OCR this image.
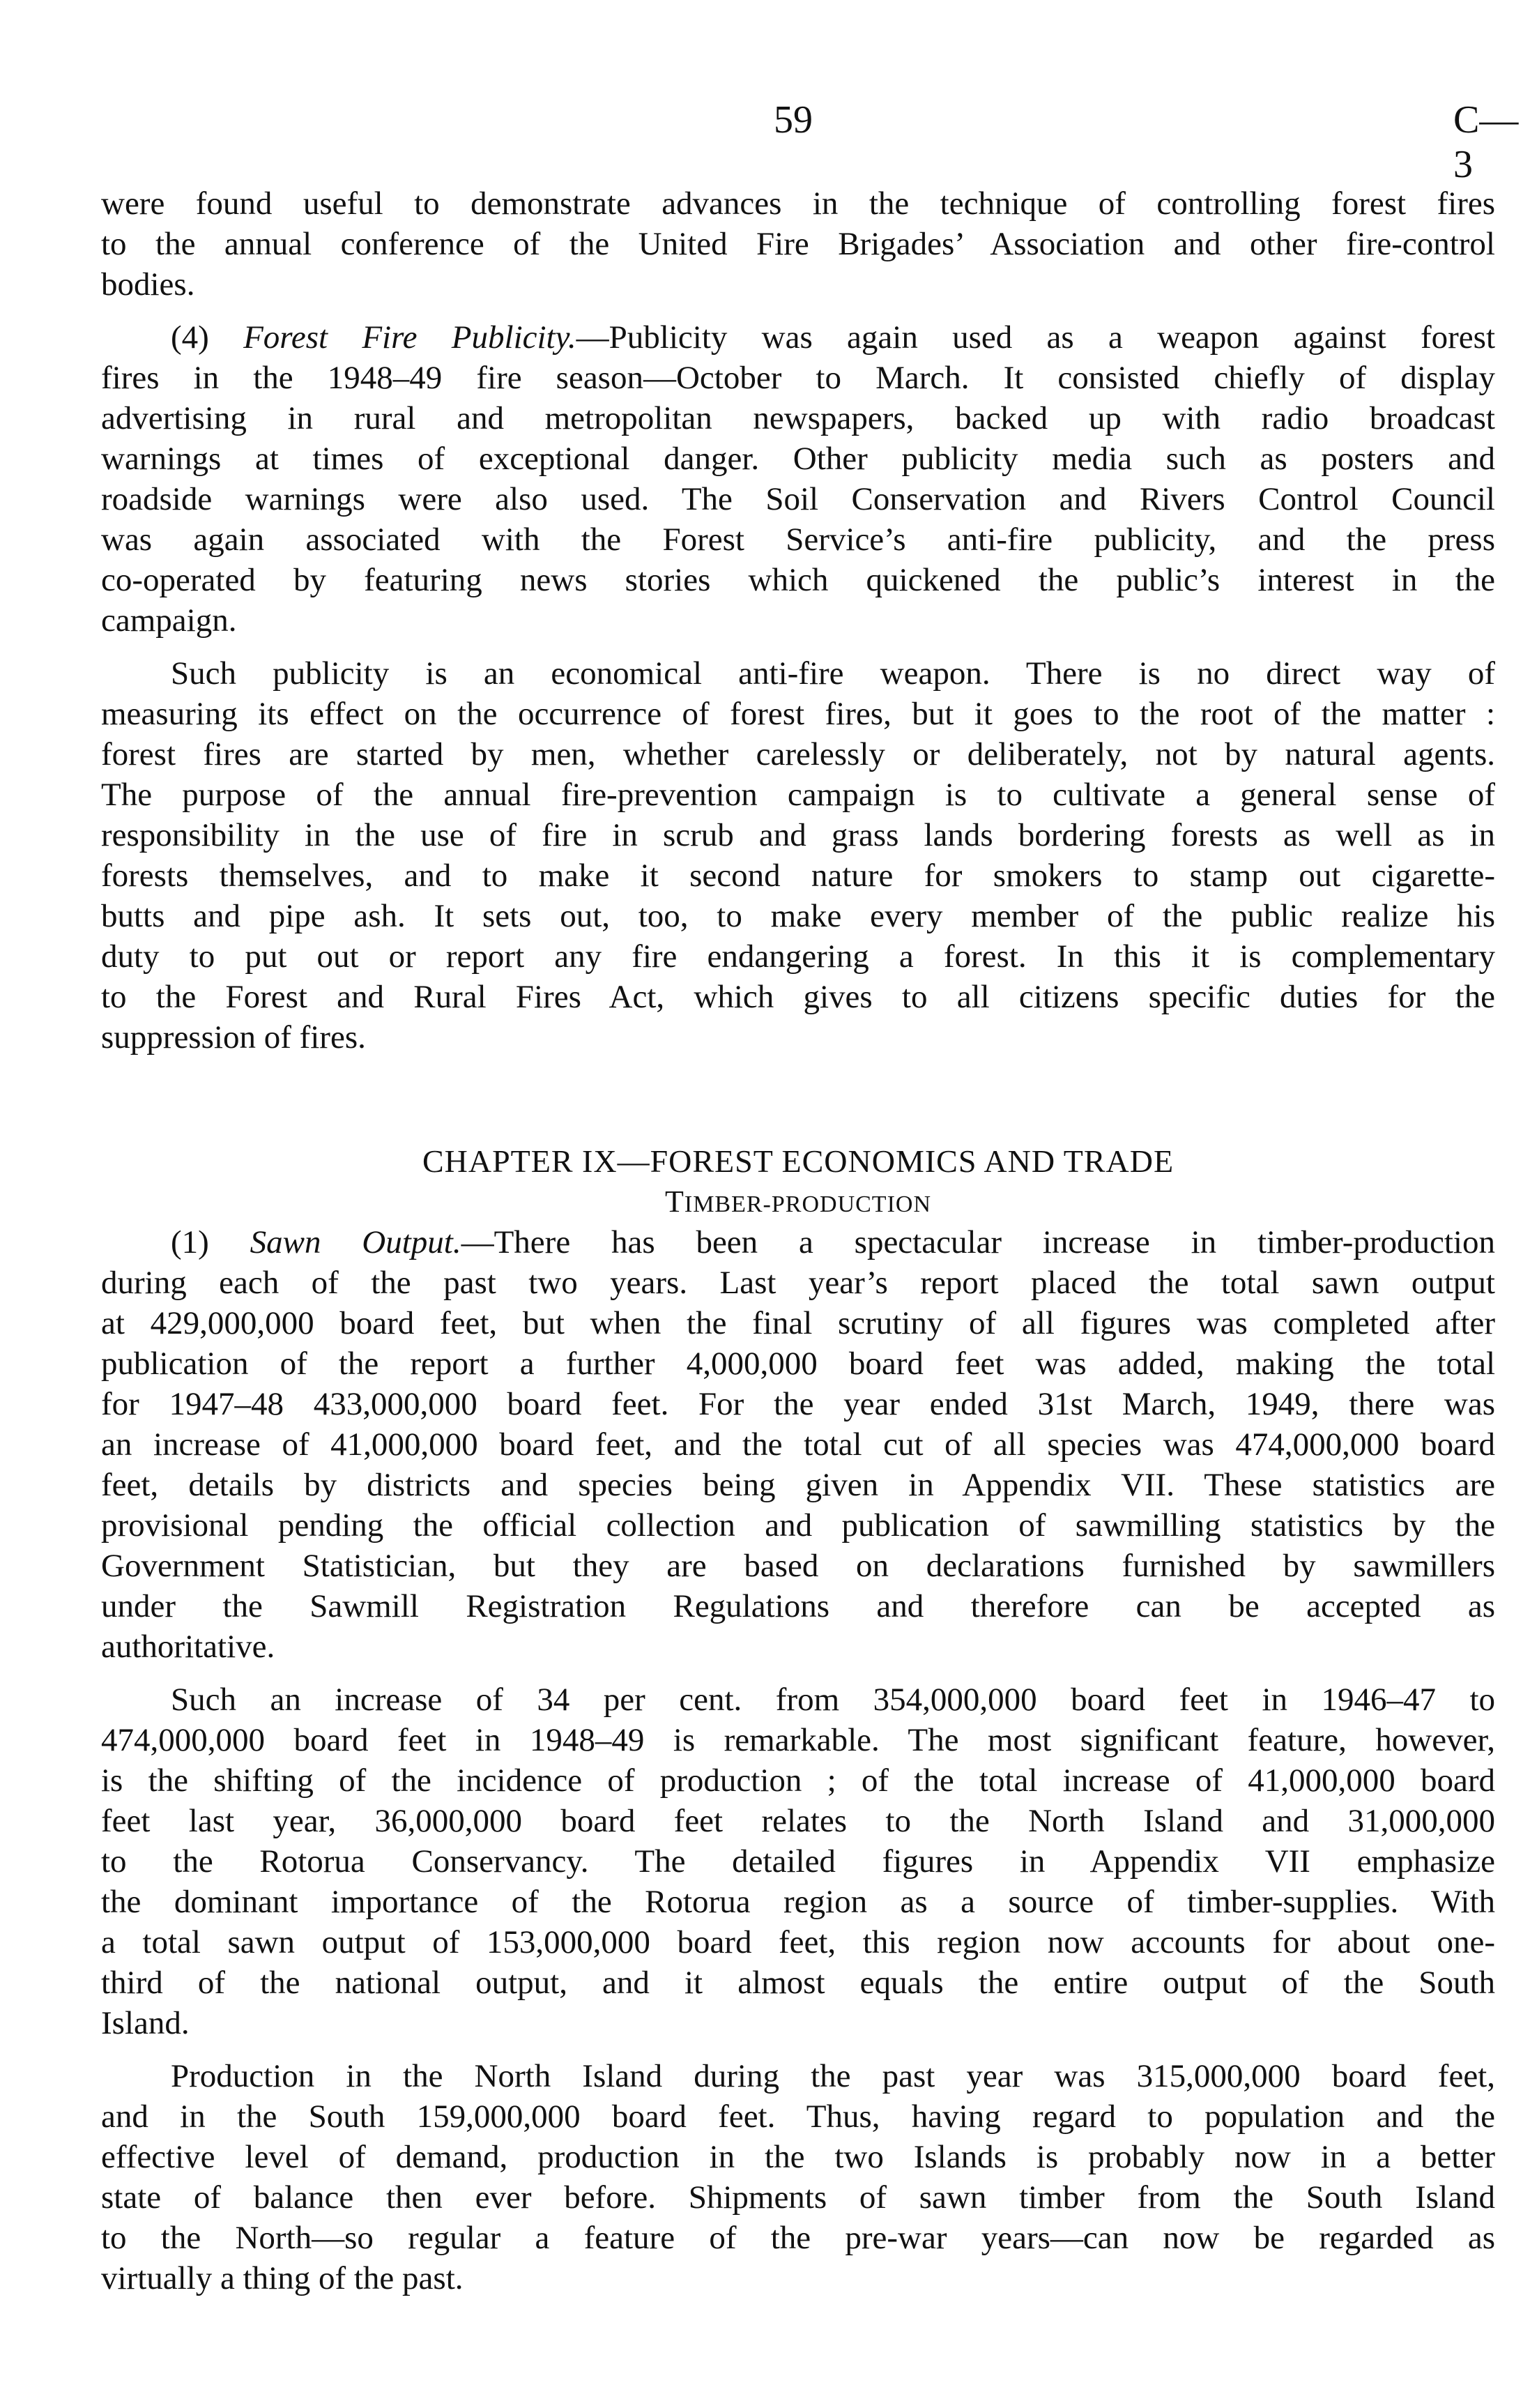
59	C—3
were found useful to demonstrate advances in the technique of controlling forest fires
to the annual conference of the United Fire Brigades’ Association and other fire-control
bodies.
(4) Forest Fire Publicity.—Publicity was again used as a weapon against forest
fires in the 1948–49 fire season—October to March. It consisted chiefly of display
advertising in rural and metropolitan newspapers, backed up with radio broadcast
warnings at times of exceptional danger. Other publicity media such as posters and
roadside warnings were also used. The Soil Conservation and Rivers Control Council
was again associated with the Forest Service’s anti-fire publicity, and the press
co-operated by featuring news stories which quickened the public’s interest in the
campaign.
Such publicity is an economical anti-fire weapon. There is no direct way of
measuring its effect on the occurrence of forest fires, but it goes to the root of the matter :
forest fires are started by men, whether carelessly or deliberately, not by natural agents.
The purpose of the annual fire-prevention campaign is to cultivate a general sense of
responsibility in the use of fire in scrub and grass lands bordering forests as well as in
forests themselves, and to make it second nature for smokers to stamp out cigarette-
butts and pipe ash. It sets out, too, to make every member of the public realize his
duty to put out or report any fire endangering a forest. In this it is complementary
to the Forest and Rural Fires Act, which gives to all citizens specific duties for the
suppression of fires.
CHAPTER IX—FOREST ECONOMICS AND TRADE
TIMBER-PRODUCTION
(1) Sawn Output.—There has been a spectacular increase in timber-production
during each of the past two years. Last year’s report placed the total sawn output
at 429,000,000 board feet, but when the final scrutiny of all figures was completed after
publication of the report a further 4,000,000 board feet was added, making the total
for 1947–48 433,000,000 board feet. For the year ended 31st March, 1949, there was
an increase of 41,000,000 board feet, and the total cut of all species was 474,000,000 board
feet, details by districts and species being given in Appendix VII. These statistics are
provisional pending the official collection and publication of sawmilling statistics by the
Government Statistician, but they are based on declarations furnished by sawmillers
under the Sawmill Registration Regulations and therefore can be accepted as
authoritative.
Such an increase of 34 per cent. from 354,000,000 board feet in 1946–47 to
474,000,000 board feet in 1948–49 is remarkable. The most significant feature, however,
is the shifting of the incidence of production ; of the total increase of 41,000,000 board
feet last year, 36,000,000 board feet relates to the North Island and 31,000,000
to the Rotorua Conservancy. The detailed figures in Appendix VII emphasize
the dominant importance of the Rotorua region as a source of timber-supplies. With
a total sawn output of 153,000,000 board feet, this region now accounts for about one-
third of the national output, and it almost equals the entire output of the South
Island.
Production in the North Island during the past year was 315,000,000 board feet,
and in the South 159,000,000 board feet. Thus, having regard to population and the
effective level of demand, production in the two Islands is probably now in a better
state of balance then ever before. Shipments of sawn timber from the South Island
to the North—so regular a feature of the pre-war years—can now be regarded as
virtually a thing of the past.
